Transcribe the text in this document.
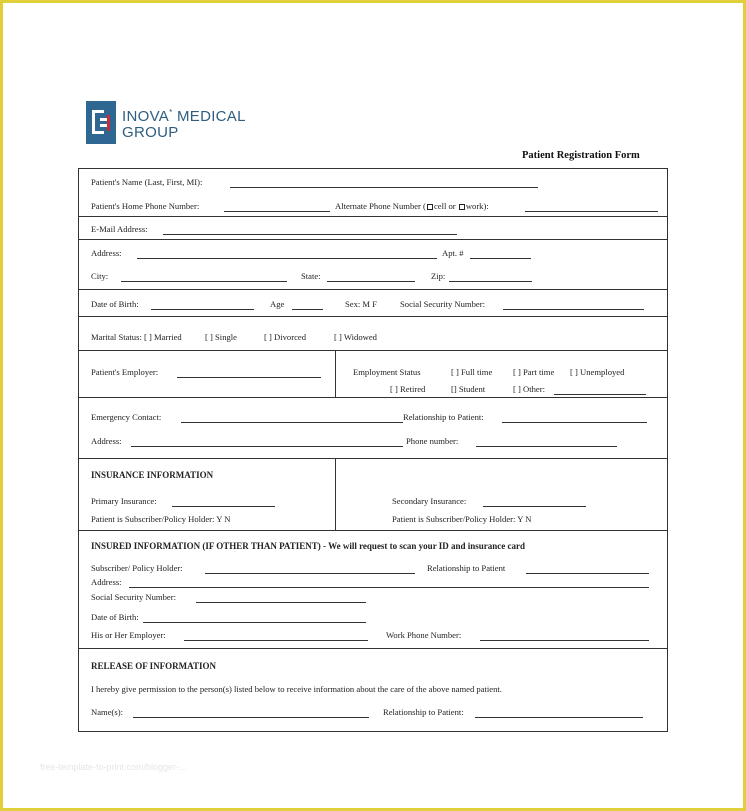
INOVA* MEDICAL
GROUP
Patient Registration Form
Patient's Name (Last, First, MI):
Patient's Home Phone Number:	Alternate Phone Number ( cell or work):
E-Mail Address:
Address:	Apt. #
City:	State:	Zip:
Date of Birth:	Age	Sex: M F	Social Security Number:
Marital Status: [ ] Married	[ ] Single	[ ] Divorced	[ ] Widowed
Patient's Employer:	Employment Status	[ ] Full time [ ] Part time [ ] Unemployed
[ ] Retired	[] Student	[ ] Other:
Emergency Contact:	Relationship to Patient:
Address:	Phone number:
INSURANCE INFORMATION
Primary Insurance:
Patient is Subscriber/Policy Holder: Y N
Secondary Insurance:
Patient is Subscriber/Policy Holder: Y N
INSURED INFORMATION (IF OTHER THAN PATIENT) - We will request to scan your ID and insurance card
Subscriber/ Policy Holder:	Relationship to Patient
Address:
Social Security Number:
Date of Birth:
His or Her Employer:	Work Phone Number:
RELEASE OF INFORMATION
I hereby give permission to the person(s) listed below to receive information about the care of the above named patient.
Name(s):	Relationship to Patient:
free-template-to-print.com/blogger-...
